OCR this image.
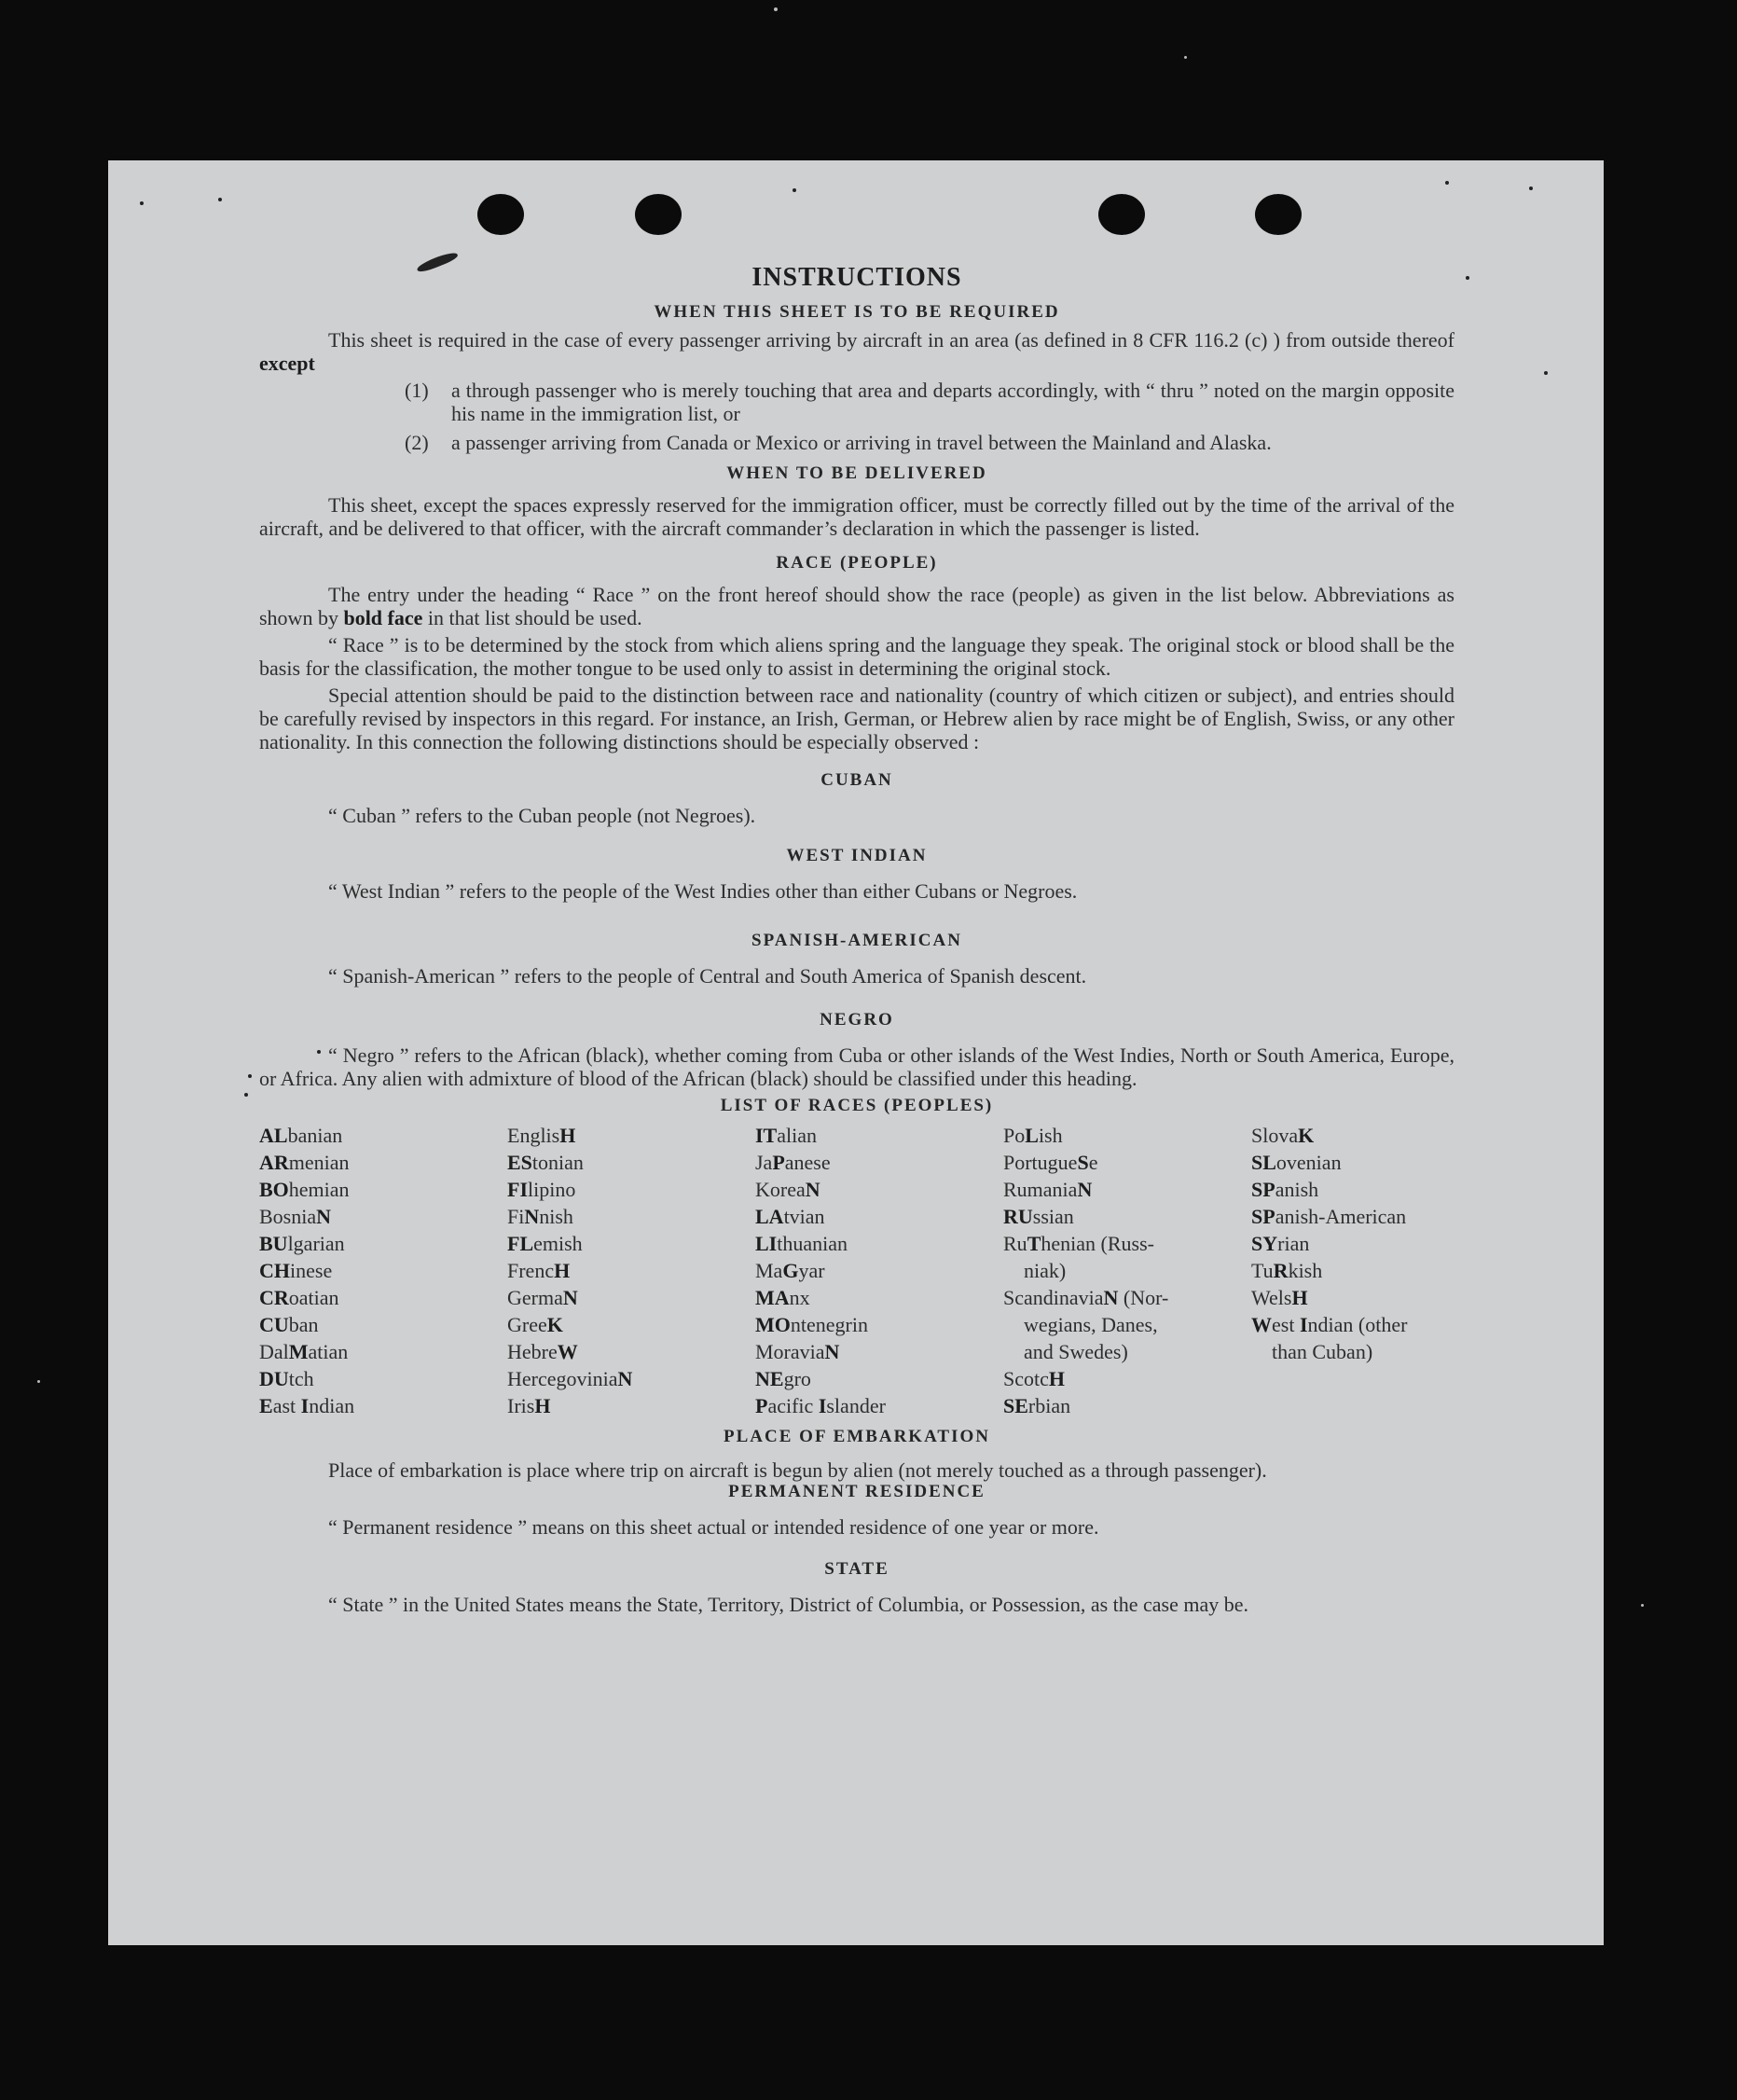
INSTRUCTIONS
WHEN THIS SHEET IS TO BE REQUIRED

This sheet is required in the case of every passenger arriving by aircraft in an area (as defined in 8 CFR 116.2 (c) ) from outside thereof except

(1)	a through passenger who is merely touching that area and departs accordingly, with “ thru ” noted on the margin opposite his name in the immigration list, or
(2)	a passenger arriving from Canada or Mexico or arriving in travel between the Mainland and Alaska.
WHEN TO BE DELIVERED

This sheet, except the spaces expressly reserved for the immigration officer, must be correctly filled out by the time of the arrival of the aircraft, and be delivered to that officer, with the aircraft commander’s declaration in which the passenger is listed.

RACE (PEOPLE)

The entry under the heading “ Race ” on the front hereof should show the race (people) as given in the list below. Abbreviations as shown by bold face in that list should be used.

“ Race ” is to be determined by the stock from which aliens spring and the language they speak. The original stock or blood shall be the basis for the classification, the mother tongue to be used only to assist in determining the original stock.

Special attention should be paid to the distinction between race and nationality (country of which citizen or subject), and entries should be carefully revised by inspectors in this regard. For instance, an Irish, German, or Hebrew alien by race might be of English, Swiss, or any other nationality. In this connection the following distinctions should be especially observed :

CUBAN

“ Cuban ” refers to the Cuban people (not Negroes).

WEST INDIAN

“ West Indian ” refers to the people of the West Indies other than either Cubans or Negroes.

SPANISH-AMERICAN

“ Spanish-American ” refers to the people of Central and South America of Spanish descent.

NEGRO

“ Negro ” refers to the African (black), whether coming from Cuba or other islands of the West Indies, North or South America, Europe, or Africa. Any alien with admixture of blood of the African (black) should be classified under this heading.

LIST OF RACES (PEOPLES)
ALbanian
ARmenian
BOhemian
BosniaN
BUlgarian
CHinese
CRoatian
CUban
DalMatian
DUtch
East Indian
EnglisH
EStonian
FIlipino
FiNnish
FLemish
FrencH
GermaN
GreeK
HebreW
HercegoviniaN
IrisH
ITalian
JaPanese
KoreaN
LAtvian
LIthuanian
MaGyar
MAnx
MOntenegrin
MoraviaN
NEgro
Pacific Islander
PoLish
PortugueSe
RumaniaN
RUssian
RuThenian (Russ-
niak)
ScandinaviaN (Nor-
wegians, Danes,
and Swedes)
ScotcH
SErbian
SlovaK
SLovenian
SPanish
SPanish-American
SYrian
TuRkish
WelsH
West Indian (other
than Cuban)
PLACE OF EMBARKATION

Place of embarkation is place where trip on aircraft is begun by alien (not merely touched as a through passenger).

PERMANENT RESIDENCE

“ Permanent residence ” means on this sheet actual or intended residence of one year or more.

STATE

“ State ” in the United States means the State, Territory, District of Columbia, or Possession, as the case may be.
